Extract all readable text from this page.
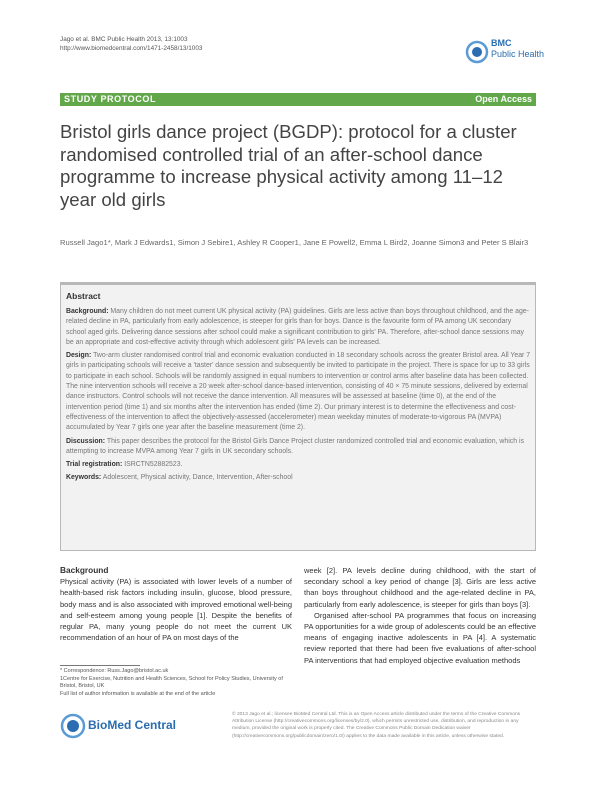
Jago et al. BMC Public Health 2013, 13:1003
http://www.biomedcentral.com/1471-2458/13/1003
BMC
Public Health
STUDY PROTOCOL	Open Access
Bristol girls dance project (BGDP): protocol for a cluster randomised controlled trial of an after-school dance programme to increase physical activity among 11–12 year old girls
Russell Jago1*, Mark J Edwards1, Simon J Sebire1, Ashley R Cooper1, Jane E Powell2, Emma L Bird2, Joanne Simon3 and Peter S Blair3
Abstract

Background: Many children do not meet current UK physical activity (PA) guidelines. Girls are less active than boys throughout childhood, and the age-related decline in PA, particularly from early adolescence, is steeper for girls than for boys. Dance is the favourite form of PA among UK secondary school aged girls. Delivering dance sessions after school could make a significant contribution to girls' PA. Therefore, after-school dance sessions may be an appropriate and cost-effective activity through which adolescent girls' PA levels can be increased.

Design: Two-arm cluster randomised control trial and economic evaluation conducted in 18 secondary schools across the greater Bristol area. All Year 7 girls in participating schools will receive a 'taster' dance session and subsequently be invited to participate in the project. There is space for up to 33 girls to participate in each school. Schools will be randomly assigned in equal numbers to intervention or control arms after baseline data has been collected. The nine intervention schools will receive a 20 week after-school dance-based intervention, consisting of 40 × 75 minute sessions, delivered by external dance instructors. Control schools will not receive the dance intervention. All measures will be assessed at baseline (time 0), at the end of the intervention period (time 1) and six months after the intervention has ended (time 2). Our primary interest is to determine the effectiveness and cost-effectiveness of the intervention to affect the objectively-assessed (accelerometer) mean weekday minutes of moderate-to-vigorous PA (MVPA) accumulated by Year 7 girls one year after the baseline measurement (time 2).

Discussion: This paper describes the protocol for the Bristol Girls Dance Project cluster randomized controlled trial and economic evaluation, which is attempting to increase MVPA among Year 7 girls in UK secondary schools.

Trial registration: ISRCTN52882523.

Keywords: Adolescent, Physical activity, Dance, Intervention, After-school

Background

Physical activity (PA) is associated with lower levels of a number of health-based risk factors including insulin, glucose, blood pressure, body mass and is also associated with improved emotional well-being and self-esteem among young people [1]. Despite the benefits of regular PA, many young people do not meet the current UK recommendation of an hour of PA on most days of the

week [2]. PA levels decline during childhood, with the start of secondary school a key period of change [3]. Girls are less active than boys throughout childhood and the age-related decline in PA, particularly from early adolescence, is steeper for girls than boys [3].

Organised after-school PA programmes that focus on increasing PA opportunities for a wide group of adolescents could be an effective means of engaging inactive adolescents in PA [4]. A systematic review reported that there had been five evaluations of after-school PA interventions that had employed objective evaluation methods

* Correspondence: Russ.Jago@bristol.ac.uk
1Centre for Exercise, Nutrition and Health Sciences, School for Policy Studies, University of Bristol, Bristol, UK
Full list of author information is available at the end of the article
BioMed Central
© 2013 Jago et al.; licensee BioMed Central Ltd. This is an Open Access article distributed under the terms of the Creative Commons Attribution License (http://creativecommons.org/licenses/by/2.0), which permits unrestricted use, distribution, and reproduction in any medium, provided the original work is properly cited. The Creative Commons Public Domain Dedication waiver (http://creativecommons.org/publicdomain/zero/1.0/) applies to the data made available in this article, unless otherwise stated.
